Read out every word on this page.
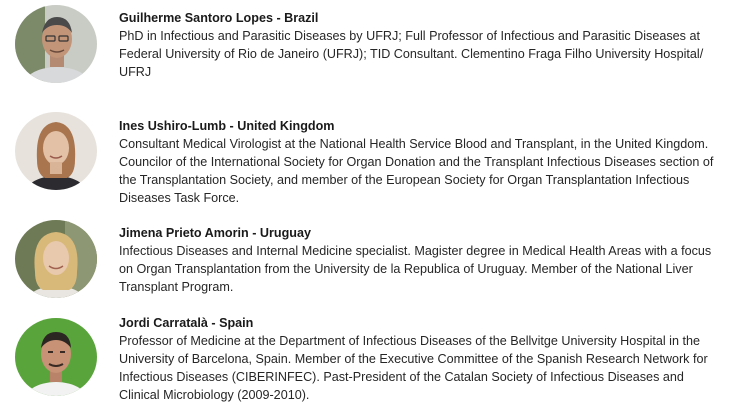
Guilherme Santoro Lopes - Brazil
PhD in Infectious and Parasitic Diseases by UFRJ; Full Professor of Infectious and Parasitic Diseases at Federal University of Rio de Janeiro (UFRJ); TID Consultant. Clementino Fraga Filho University Hospital/ UFRJ
Ines Ushiro-Lumb - United Kingdom
Consultant Medical Virologist at the National Health Service Blood and Transplant, in the United Kingdom. Councilor of the International Society for Organ Donation and the Transplant Infectious Diseases section of the Transplantation Society, and member of the European Society for Organ Transplantation Infectious Diseases Task Force.
Jimena Prieto Amorin - Uruguay
Infectious Diseases and Internal Medicine specialist. Magister degree in Medical Health Areas with a focus on Organ Transplantation from the University de la Republica of Uruguay. Member of the National Liver Transplant Program.
Jordi Carratalà - Spain
Professor of Medicine at the Department of Infectious Diseases of the Bellvitge University Hospital in the University of Barcelona, Spain. Member of the Executive Committee of the Spanish Research Network for Infectious Diseases (CIBERINFEC). Past-President of the Catalan Society of Infectious Diseases and Clinical Microbiology (2009-2010).
